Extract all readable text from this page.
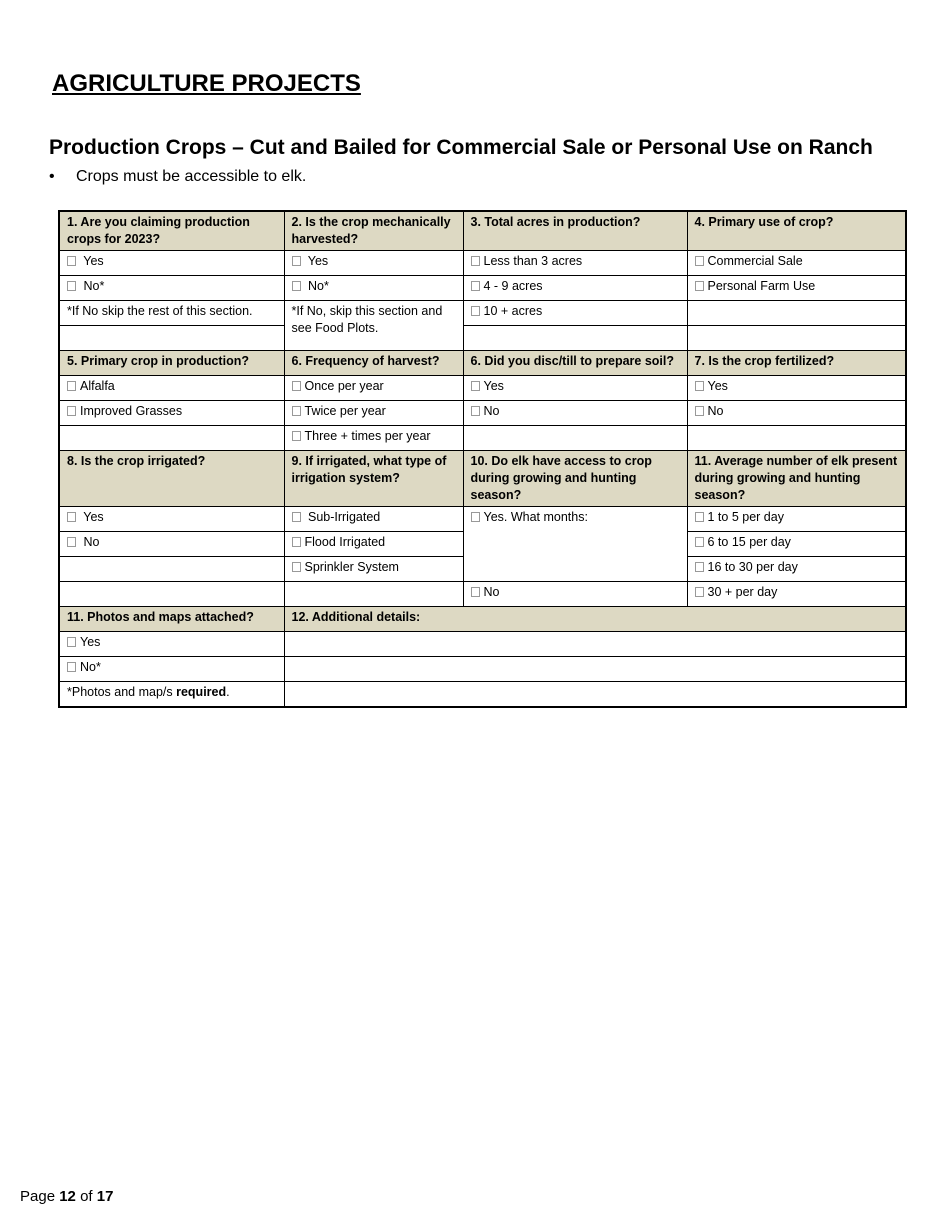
AGRICULTURE PROJECTS
Production Crops – Cut and Bailed for Commercial Sale or Personal Use on Ranch

• Crops must be accessible to elk.

1. Are you claiming production crops for 2023?	2. Is the crop mechanically harvested?	3. Total acres in production?	4. Primary use of crop?
Yes	Yes	Less than 3 acres	Commercial Sale
No*	No*	4 - 9 acres	Personal Farm Use
*If No skip the rest of this section.	*If No, skip this section and see Food Plots.	10 + acres	

5. Primary crop in production?	6. Frequency of harvest?	6. Did you disc/till to prepare soil?	7. Is the crop fertilized?
Alfalfa	Once per year	Yes	Yes
Improved Grasses	Twice per year	No	No
	Three + times per year		
8. Is the crop irrigated?	9. If irrigated, what type of irrigation system?	10. Do elk have access to crop during growing and hunting season?	11. Average number of elk present during growing and hunting season?
Yes	Sub-Irrigated	Yes. What months:	1 to 5 per day
No	Flood Irrigated		6 to 15 per day
	Sprinkler System		16 to 30 per day
		No	30 + per day
11. Photos and maps attached?	12. Additional details:		
Yes			
No*			
*Photos and map/s required.			
Page 12 of 17
